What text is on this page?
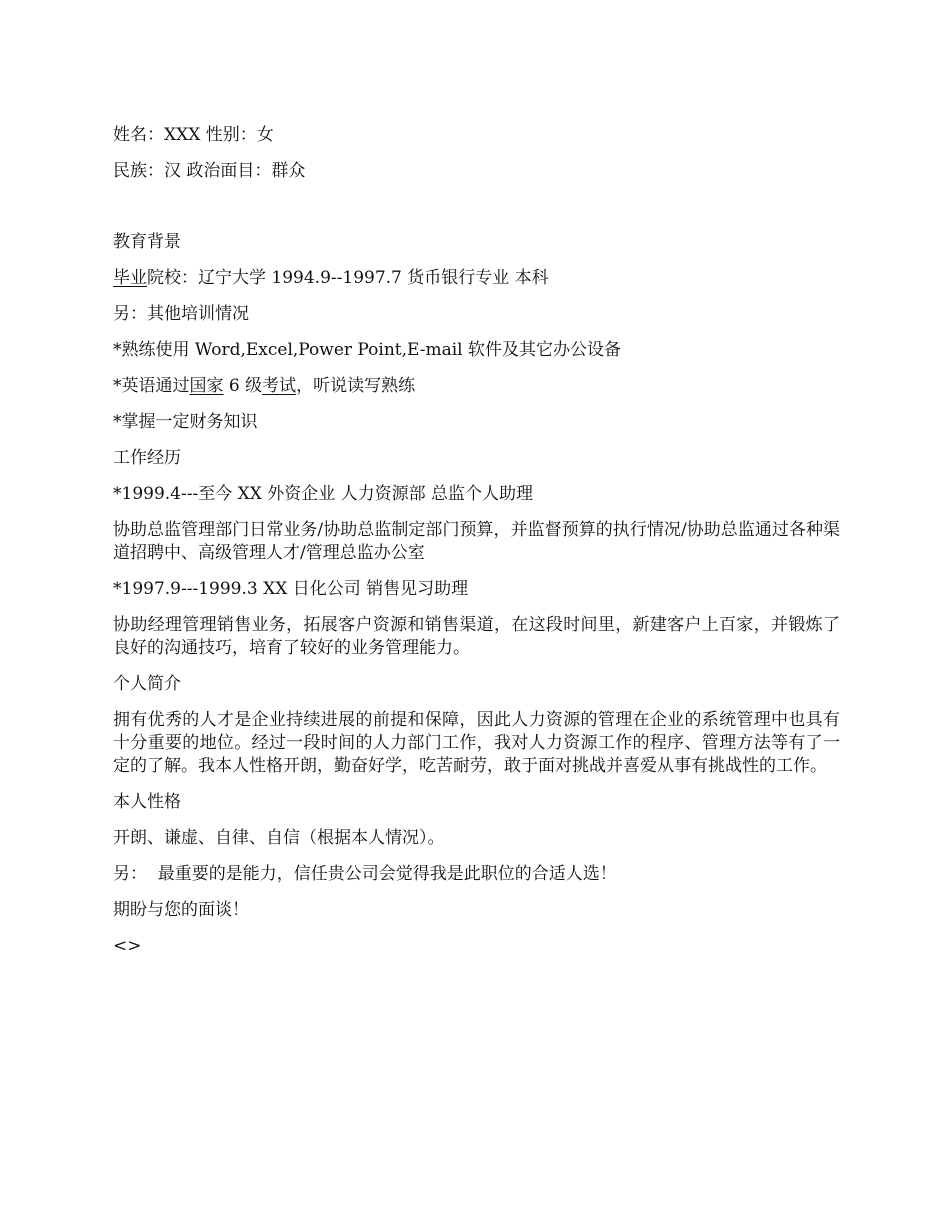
姓名：XXX 性别：女

民族：汉 政治面目：群众

教育背景

毕业院校：辽宁大学 1994.9--1997.7 货币银行专业 本科

另：其他培训情况

*熟练使用 Word,Excel,Power Point,E-mail 软件及其它办公设备

*英语通过国家 6 级考试，听说读写熟练

*掌握一定财务知识

工作经历

*1999.4---至今 XX 外资企业 人力资源部 总监个人助理

协助总监管理部门日常业务/协助总监制定部门预算，并监督预算的执行情况/协助总监通过各种渠道招聘中、高级管理人才/管理总监办公室

*1997.9---1999.3 XX 日化公司 销售见习助理

协助经理管理销售业务，拓展客户资源和销售渠道，在这段时间里，新建客户上百家，并锻炼了良好的沟通技巧，培育了较好的业务管理能力。

个人简介

拥有优秀的人才是企业持续进展的前提和保障，因此人力资源的管理在企业的系统管理中也具有十分重要的地位。经过一段时间的人力部门工作，我对人力资源工作的程序、管理方法等有了一定的了解。我本人性格开朗，勤奋好学，吃苦耐劳，敢于面对挑战并喜爱从事有挑战性的工作。

本人性格

开朗、谦虚、自律、自信（根据本人情况）。

另：  最重要的是能力，信任贵公司会觉得我是此职位的合适人选！

期盼与您的面谈！

<>
